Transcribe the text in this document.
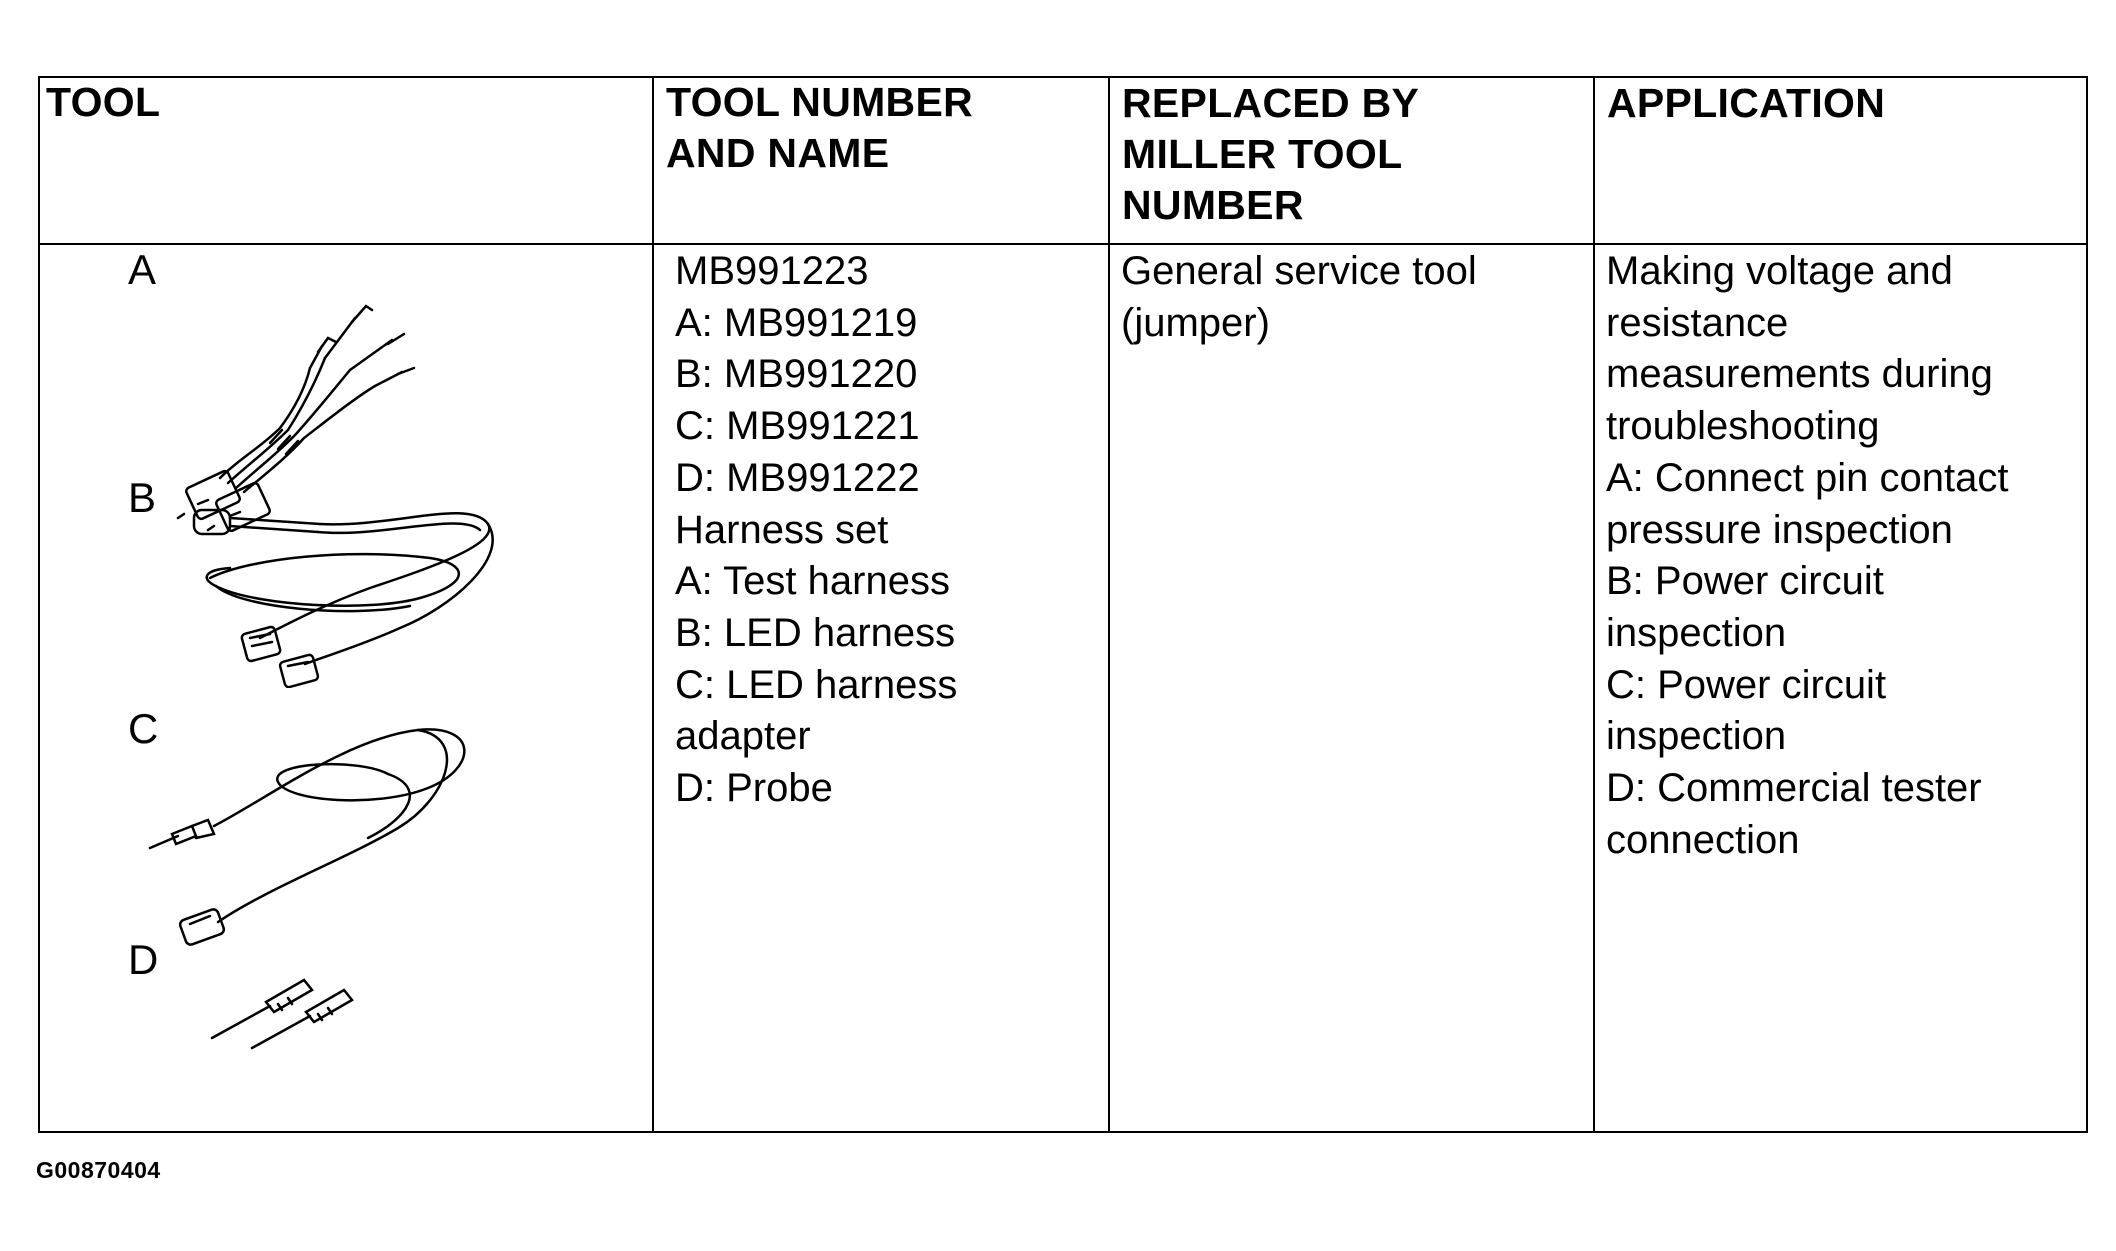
TOOL	TOOL NUMBER
AND NAME
REPLACED BY
MILLER TOOL
NUMBER
APPLICATION
A
B
C
D
MB991223
A: MB991219
B: MB991220
C: MB991221
D: MB991222
Harness set
A: Test harness
B: LED harness
C: LED harness
adapter
D: Probe
General service tool
(jumper)
Making voltage and
resistance
measurements during
troubleshooting
A: Connect pin contact
pressure inspection
B: Power circuit
inspection
C: Power circuit
inspection
D: Commercial tester
connection
G00870404
